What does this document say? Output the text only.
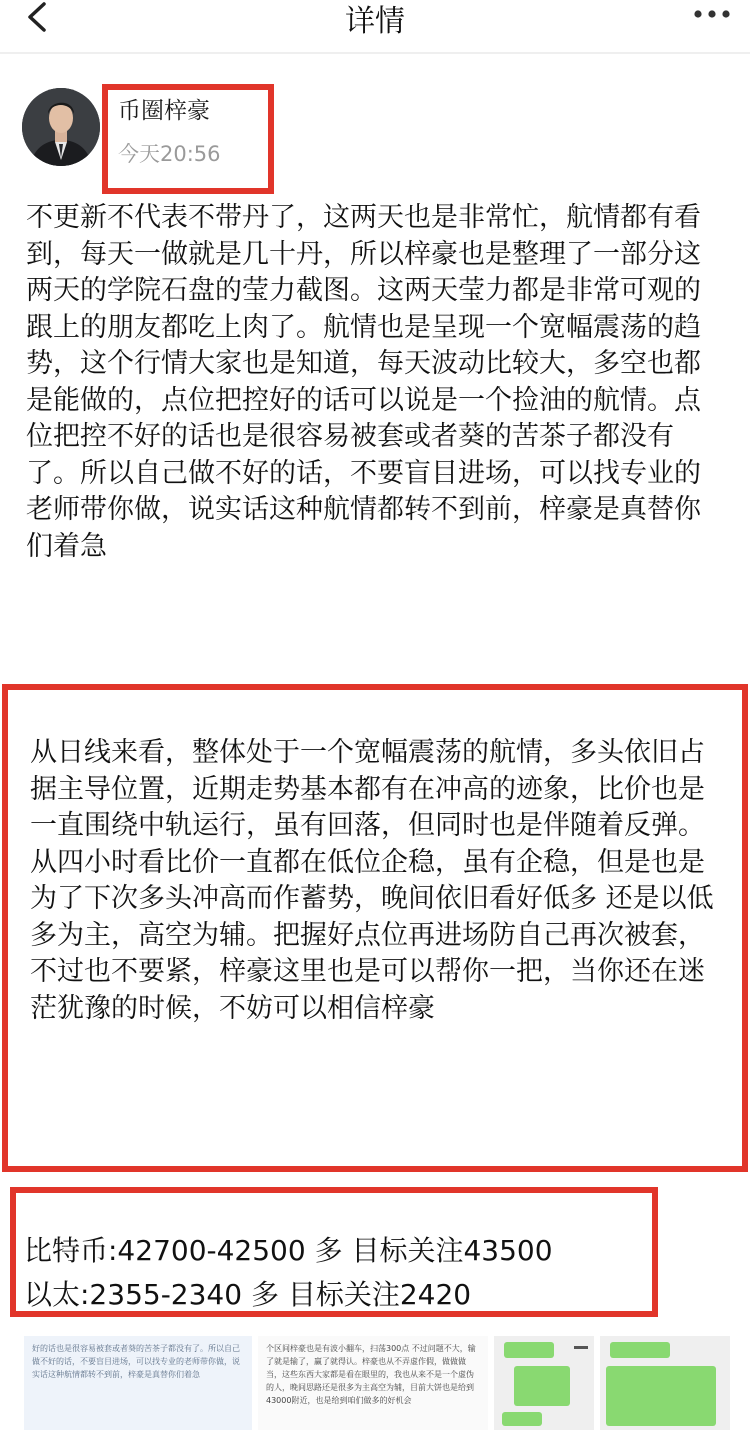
详情
币圈梓豪
今天20:56

不更新不代表不带丹了，这两天也是非常忙，航情都有看到，每天一做就是几十丹，所以梓豪也是整理了一部分这两天的学院石盘的莹力截图。这两天莹力都是非常可观的跟上的朋友都吃上肉了。航情也是呈现一个宽幅震荡的趋势，这个行情大家也是知道，每天波动比较大，多空也都是能做的，点位把控好的话可以说是一个捡油的航情。点位把控不好的话也是很容易被套或者葵的苦茶子都没有了。所以自己做不好的话，不要盲目进场，可以找专业的老师带你做，说实话这种航情都转不到前，梓豪是真替你们着急

从日线来看，整体处于一个宽幅震荡的航情，多头依旧占据主导位置，近期走势基本都有在冲高的迹象，比价也是一直围绕中轨运行，虽有回落，但同时也是伴随着反弹。从四小时看比价一直都在低位企稳，虽有企稳，但是也是为了下次多头冲高而作蓄势，晚间依旧看好低多 还是以低多为主，高空为辅。把握好点位再进场防自己再次被套，不过也不要紧，梓豪这里也是可以帮你一把，当你还在迷茫犹豫的时候，不妨可以相信梓豪

比特币:42700-42500 多 目标关注43500
以太:2355-2340 多 目标关注2420
好的话也是很容易被套或者葵的苦茶子都没有了。所以自己做不好的话，不要盲目进场，可以找专业的老师带你做，说实话这种航情都转不到前，梓豪是真替你们着急
个区间梓豪也是有波小翻车，扫荡300点 不过问题不大，输了就是输了，赢了就得认。梓豪也从不弄虚作假，做做做当，这些东西大家都是看在眼里的，我也从来不是一个虚伪的人，晚间思路还是很多为主高空为辅，目前大饼也是给到43000附近，也是给到咱们做多的好机会
